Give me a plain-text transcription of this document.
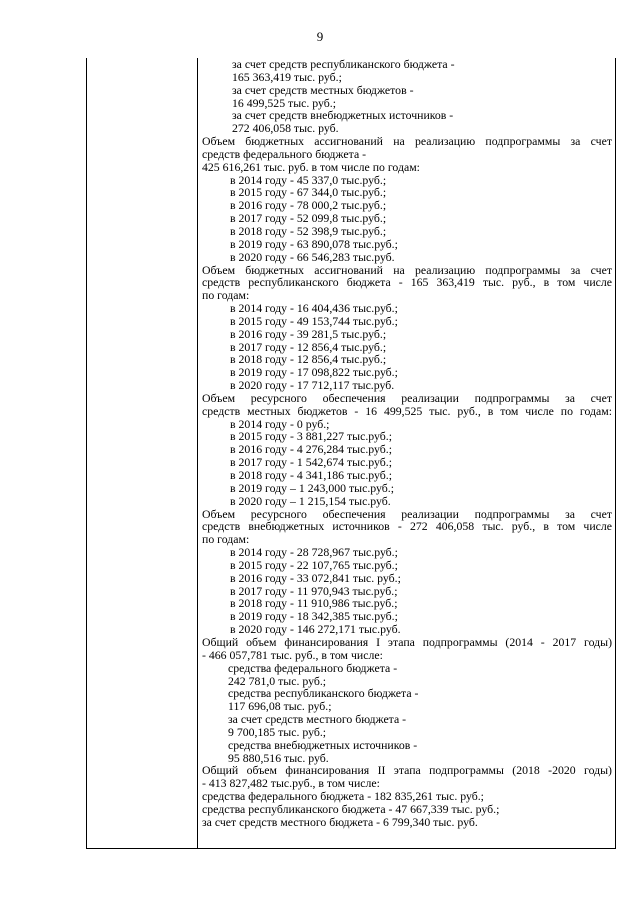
9
за счет средств республиканского бюджета -
165 363,419 тыс. руб.;
за счет средств местных бюджетов -
16 499,525 тыс. руб.;
за счет средств внебюджетных источников -
272 406,058 тыс. руб.
Объем бюджетных ассигнований на реализацию подпрограммы за счет
средств федерального бюджета -
425 616,261 тыс. руб. в том числе по годам:
в 2014 году - 45 337,0 тыс.руб.;
в 2015 году - 67 344,0 тыс.руб.;
в 2016 году - 78 000,2 тыс.руб.;
в 2017 году - 52 099,8 тыс.руб.;
в 2018 году - 52 398,9 тыс.руб.;
в 2019 году - 63 890,078 тыс.руб.;
в 2020 году - 66 546,283 тыс.руб.
Объем бюджетных ассигнований на реализацию подпрограммы за счет
средств республиканского бюджета - 165 363,419 тыс. руб., в том числе
по годам:
в 2014 году - 16 404,436 тыс.руб.;
в 2015 году - 49 153,744 тыс.руб.;
в 2016 году - 39 281,5 тыс.руб.;
в 2017 году - 12 856,4 тыс.руб.;
в 2018 году - 12 856,4 тыс.руб.;
в 2019 году - 17 098,822 тыс.руб.;
в 2020 году - 17 712,117 тыс.руб.
Объем ресурсного обеспечения реализации подпрограммы за счет
средств местных бюджетов - 16 499,525 тыс. руб., в том числе по годам:
в 2014 году - 0 руб.;
в 2015 году - 3 881,227 тыс.руб.;
в 2016 году - 4 276,284 тыс.руб.;
в 2017 году - 1 542,674 тыс.руб.;
в 2018 году - 4 341,186 тыс.руб.;
в 2019 году – 1 243,000 тыс.руб.;
в 2020 году – 1 215,154 тыс.руб.
Объем ресурсного обеспечения реализации подпрограммы за счет
средств внебюджетных источников - 272 406,058 тыс. руб., в том числе
по годам:
в 2014 году - 28 728,967 тыс.руб.;
в 2015 году - 22 107,765 тыс.руб.;
в 2016 году - 33 072,841 тыс. руб.;
в 2017 году - 11 970,943 тыс.руб.;
в 2018 году - 11 910,986 тыс.руб.;
в 2019 году - 18 342,385 тыс.руб.;
в 2020 году - 146 272,171 тыс.руб.
Общий объем финансирования I этапа подпрограммы (2014 - 2017 годы)
- 466 057,781 тыс. руб., в том числе:
средства федерального бюджета -
242 781,0 тыс. руб.;
средства республиканского бюджета -
117 696,08 тыс. руб.;
за счет средств местного бюджета -
9 700,185 тыс. руб.;
средства внебюджетных источников -
95 880,516 тыс. руб.
Общий объем финансирования II этапа подпрограммы (2018 -2020 годы)
- 413 827,482 тыс.руб., в том числе:
средства федерального бюджета - 182 835,261 тыс. руб.;
средства республиканского бюджета - 47 667,339 тыс. руб.;
за счет средств местного бюджета - 6 799,340 тыс. руб.
